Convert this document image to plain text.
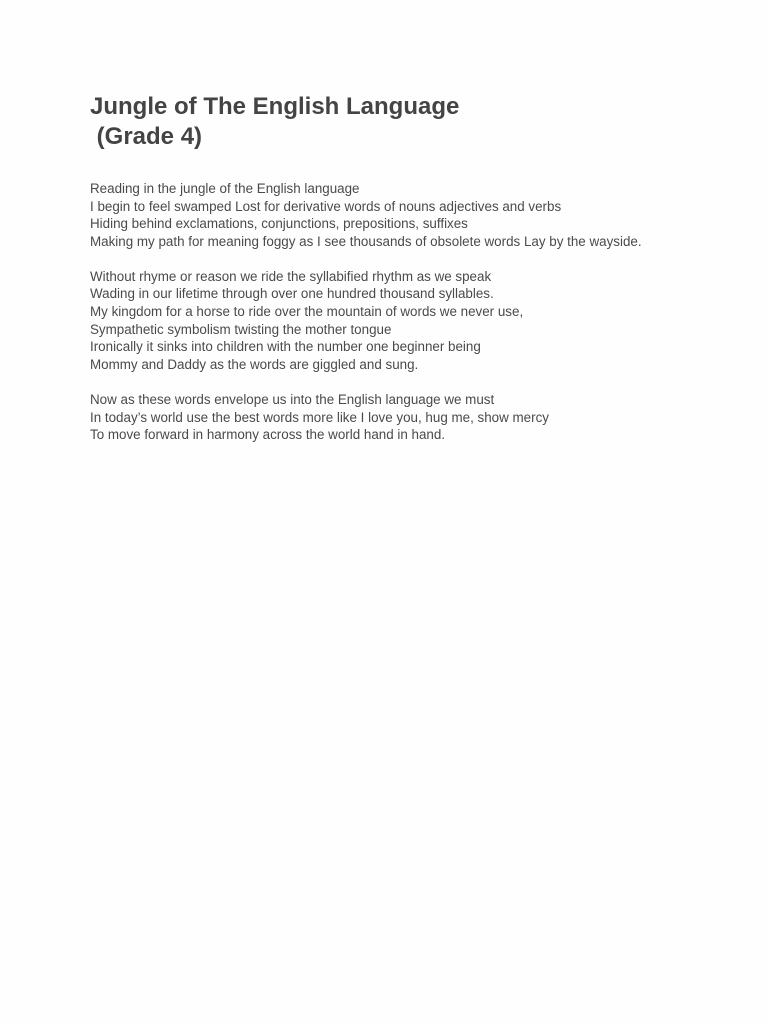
Jungle of The English Language
(Grade 4)
Reading in the jungle of the English language
I begin to feel swamped Lost for derivative words of nouns adjectives and verbs
Hiding behind exclamations, conjunctions, prepositions, suffixes
Making my path for meaning foggy as I see thousands of obsolete words Lay by the wayside.
Without rhyme or reason we ride the syllabified rhythm as we speak
Wading in our lifetime through over one hundred thousand syllables.
My kingdom for a horse to ride over the mountain of words we never use,
Sympathetic symbolism twisting the mother tongue
Ironically it sinks into children with the number one beginner being
Mommy and Daddy as the words are giggled and sung.
Now as these words envelope us into the English language we must
In today’s world use the best words more like I love you, hug me, show mercy
To move forward in harmony across the world hand in hand.
